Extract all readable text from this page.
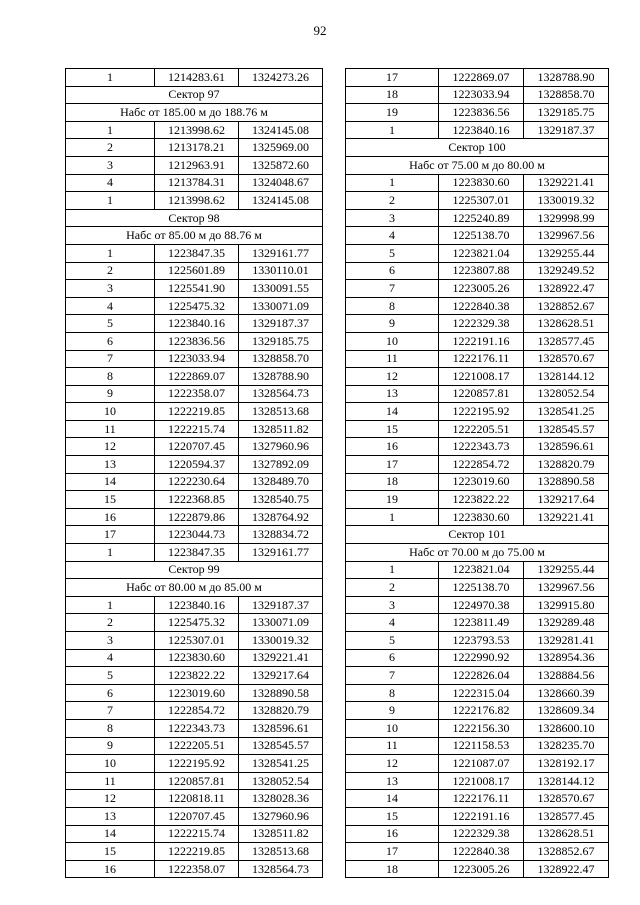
92
1	1214283.61	1324273.26
Сектор 97		
Набс от 185.00 м до 188.76 м		
1	1213998.62	1324145.08
2	1213178.21	1325969.00
3	1212963.91	1325872.60
4	1213784.31	1324048.67
1	1213998.62	1324145.08
Сектор 98		
Набс от 85.00 м до 88.76 м		
1	1223847.35	1329161.77
2	1225601.89	1330110.01
3	1225541.90	1330091.55
4	1225475.32	1330071.09
5	1223840.16	1329187.37
6	1223836.56	1329185.75
7	1223033.94	1328858.70
8	1222869.07	1328788.90
9	1222358.07	1328564.73
10	1222219.85	1328513.68
11	1222215.74	1328511.82
12	1220707.45	1327960.96
13	1220594.37	1327892.09
14	1222230.64	1328489.70
15	1222368.85	1328540.75
16	1222879.86	1328764.92
17	1223044.73	1328834.72
1	1223847.35	1329161.77
Сектор 99		
Набс от 80.00 м до 85.00 м		
1	1223840.16	1329187.37
2	1225475.32	1330071.09
3	1225307.01	1330019.32
4	1223830.60	1329221.41
5	1223822.22	1329217.64
6	1223019.60	1328890.58
7	1222854.72	1328820.79
8	1222343.73	1328596.61
9	1222205.51	1328545.57
10	1222195.92	1328541.25
11	1220857.81	1328052.54
12	1220818.11	1328028.36
13	1220707.45	1327960.96
14	1222215.74	1328511.82
15	1222219.85	1328513.68
16	1222358.07	1328564.73
17	1222869.07	1328788.90
18	1223033.94	1328858.70
19	1223836.56	1329185.75
1	1223840.16	1329187.37
Сектор 100		
Набс от 75.00 м до 80.00 м		
1	1223830.60	1329221.41
2	1225307.01	1330019.32
3	1225240.89	1329998.99
4	1225138.70	1329967.56
5	1223821.04	1329255.44
6	1223807.88	1329249.52
7	1223005.26	1328922.47
8	1222840.38	1328852.67
9	1222329.38	1328628.51
10	1222191.16	1328577.45
11	1222176.11	1328570.67
12	1221008.17	1328144.12
13	1220857.81	1328052.54
14	1222195.92	1328541.25
15	1222205.51	1328545.57
16	1222343.73	1328596.61
17	1222854.72	1328820.79
18	1223019.60	1328890.58
19	1223822.22	1329217.64
1	1223830.60	1329221.41
Сектор 101		
Набс от 70.00 м до 75.00 м		
1	1223821.04	1329255.44
2	1225138.70	1329967.56
3	1224970.38	1329915.80
4	1223811.49	1329289.48
5	1223793.53	1329281.41
6	1222990.92	1328954.36
7	1222826.04	1328884.56
8	1222315.04	1328660.39
9	1222176.82	1328609.34
10	1222156.30	1328600.10
11	1221158.53	1328235.70
12	1221087.07	1328192.17
13	1221008.17	1328144.12
14	1222176.11	1328570.67
15	1222191.16	1328577.45
16	1222329.38	1328628.51
17	1222840.38	1328852.67
18	1223005.26	1328922.47
